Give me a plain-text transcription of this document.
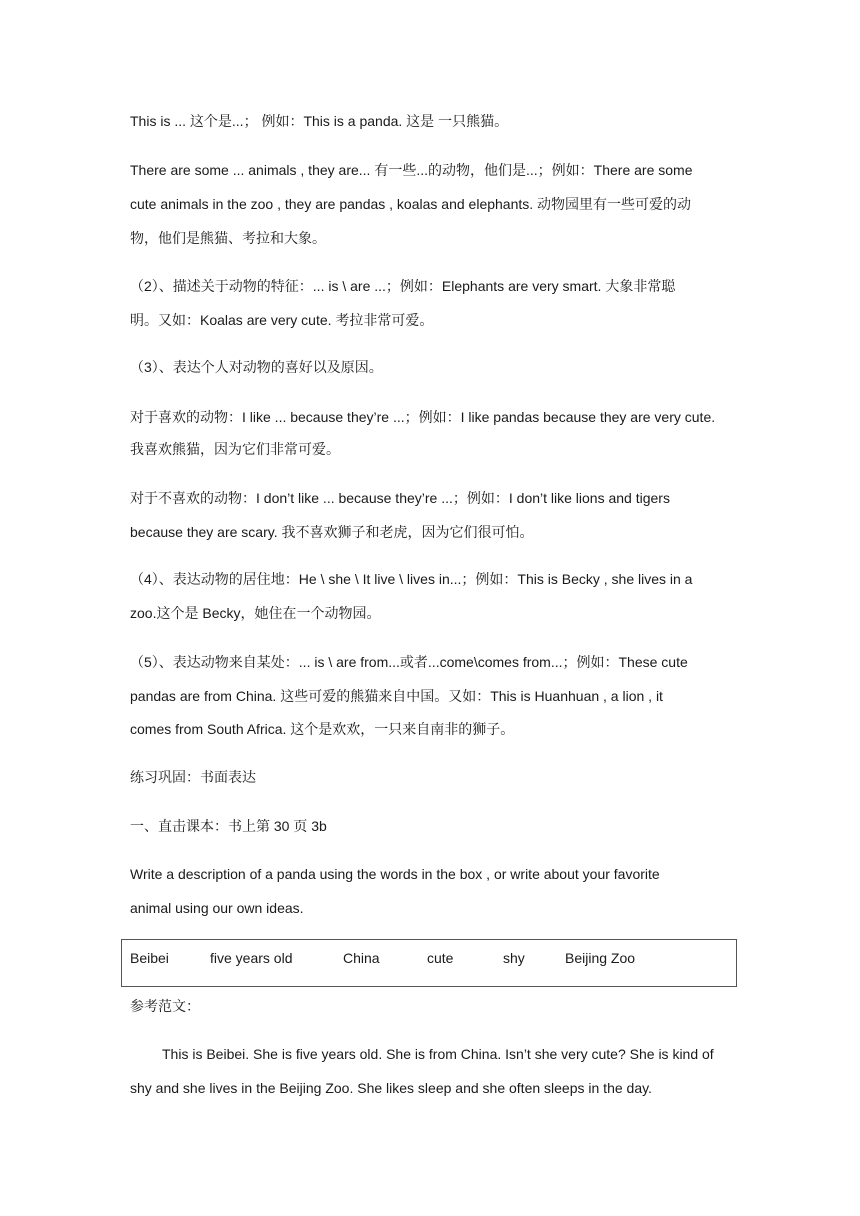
This is ... 这个是...； 例如：This is a panda. 这是 一只熊猫。

There are some ... animals , they are... 有一些...的动物，他们是...；例如：There are some

cute animals in the zoo , they are pandas , koalas and elephants. 动物园里有一些可爱的动

物，他们是熊猫、考拉和大象。

（2）、描述关于动物的特征：... is \ are ...；例如：Elephants are very smart. 大象非常聪

明。又如：Koalas are very cute. 考拉非常可爱。

（3）、表达个人对动物的喜好以及原因。

对于喜欢的动物：I like ... because they’re ...；例如：I like pandas because they are very cute.

我喜欢熊猫，因为它们非常可爱。

对于不喜欢的动物：I don’t like ... because they’re ...；例如：I don’t like lions and tigers

because they are scary. 我不喜欢狮子和老虎，因为它们很可怕。

（4）、表达动物的居住地：He \ she \ It live \ lives in...；例如：This is Becky , she lives in a

zoo.这个是 Becky，她住在一个动物园。

（5）、表达动物来自某处：... is \ are from...或者...come\comes from...；例如：These cute

pandas are from China. 这些可爱的熊猫来自中国。又如：This is Huanhuan , a lion , it

comes from South Africa. 这个是欢欢，一只来自南非的狮子。

练习巩固：书面表达

一、直击课本：书上第 30 页 3b

Write a description of a panda using the words in the box , or write about your favorite

animal using our own ideas.

Beibei	five years old	China	cute	shy	Beijing Zoo

参考范文：

This is Beibei. She is five years old. She is from China. Isn’t she very cute? She is kind of

shy and she lives in the Beijing Zoo. She likes sleep and she often sleeps in the day.
